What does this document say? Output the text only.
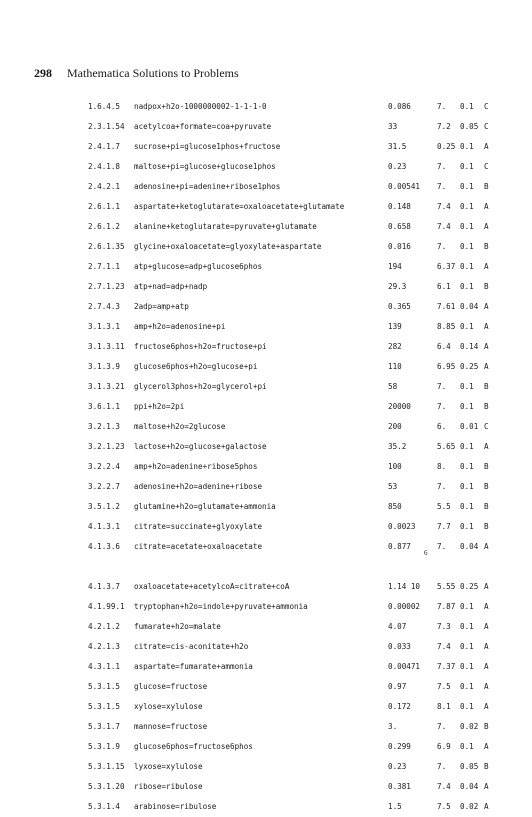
298 Mathematica Solutions to Problems
1.6.4.5 nadpox+h2o-1000000002-1-1-1-0	0.086	7. 0.1 C
2.3.1.54 acetylcoa+formate=coa+pyruvate	33	7.2 0.05 C
2.4.1.7 sucrose+pi=glucose1phos+fructose	31.5	0.25 0.1 A
2.4.1.8 maltose+pi=glucose+glucose1phos	0.23	7. 0.1 C
2.4.2.1 adenosine+pi=adenine+ribose1phos	0.00541 7. 0.1 B
2.6.1.1 aspartate+ketoglutarate=oxaloacetate+glutamate	0.148	7.4 0.1 A
2.6.1.2 alanine+ketoglutarate=pyruvate+glutamate	0.658	7.4 0.1 A
2.6.1.35 glycine+oxaloacetate=glyoxylate+aspartate	0.016	7. 0.1 B
2.7.1.1 atp+glucose=adp+glucose6phos	194	6.37 0.1 A
2.7.1.23 atp+nad=adp+nadp	29.3	6.1 0.1 B
2.7.4.3 2adp=amp+atp	0.365	7.61 0.04 A
3.1.3.1 amp+h2o=adenosine+pi	139	8.85 0.1 A
3.1.3.11 fructose6phos+h2o=fructose+pi	282	6.4 0.14 A
3.1.3.9 glucose6phos+h2o=glucose+pi	110	6.95 0.25 A
3.1.3.21 glycerol3phos+h2o=glycerol+pi	58	7. 0.1 B
3.6.1.1 ppi+h2o=2pi	20000	7. 0.1 B
3.2.1.3 maltose+h2o=2glucose	200	6. 0.01 C
3.2.1.23 lactose+h2o=glucose+galactose	35.2	5.65 0.1 A
3.2.2.4 amp+h2o=adenine+ribose5phos	100	8. 0.1 B
3.2.2.7 adenosine+h2o=adenine+ribose	53	7. 0.1 B
3.5.1.2 glutamine+h2o=glutamate+ammonia	850	5.5 0.1 B
4.1.3.1 citrate=succinate+glyoxylate	0.0023	7.7 0.1 B
4.1.3.6 citrate=acetate+oxaloacetate	0.877	7. 0.04 A
4.1.3.7 oxaloacetate+acetylcoA=citrate+coA	1.14 10 5.55 0.25 A
4.1.99.1 tryptophan+h2o=indole+pyruvate+ammonia	0.00002 7.87 0.1 A
4.2.1.2 fumarate+h2o=malate	4.07	7.3 0.1 A
4.2.1.3 citrate=cis-aconitate+h2o	0.033	7.4 0.1 A
4.3.1.1 aspartate=fumarate+ammonia	0.00471 7.37 0.1 A
5.3.1.5 glucose=fructose	0.97	7.5 0.1 A
5.3.1.5 xylose=xylulose	0.172	8.1 0.1 A
5.3.1.7 mannose=fructose	3.	7. 0.02 B
5.3.1.9 glucose6phos=fructose6phos	0.299	6.9 0.1 A
5.3.1.15 lyxose=xylulose	0.23	7. 0.05 B
5.3.1.20 ribose=ribulose	0.381	7.4 0.04 A
5.3.1.4 arabinose=ribulose	1.5	7.5 0.02 A
6
